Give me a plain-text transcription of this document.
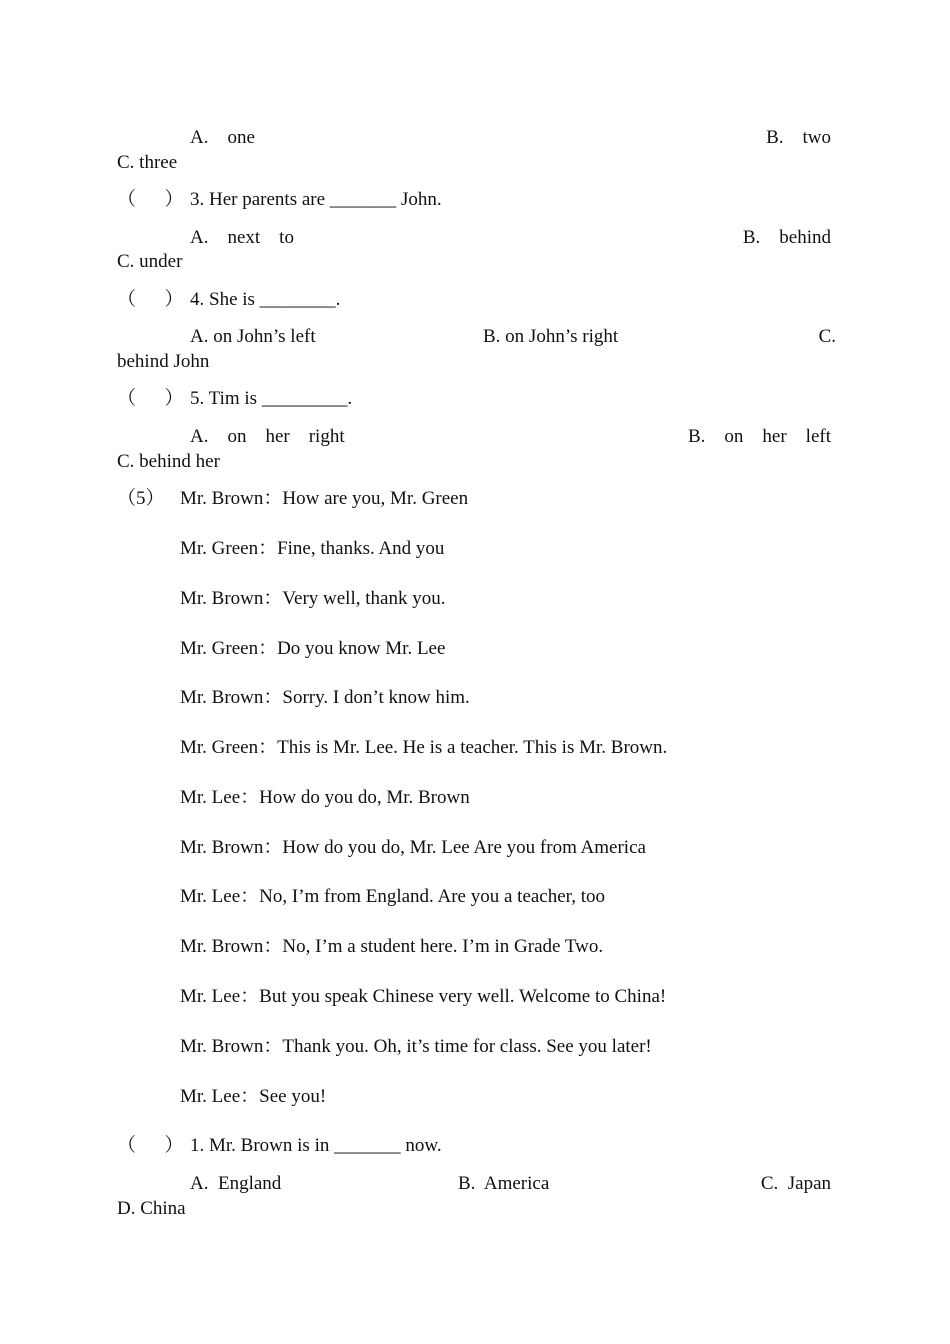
A.    one	B.    two
C. three
（      ） 3. Her parents are _______ John.
A.    next    to	B.    behind
C. under
（      ） 4. She is ________.
A. on John’s left	B. on John’s right	C.
behind John
（      ） 5. Tim is _________.
A.    on    her    right	B.    on    her    left
C. behind her
（5） Mr. Brown：How are you, Mr. Green
Mr. Green：Fine, thanks. And you
Mr. Brown：Very well, thank you.
Mr. Green：Do you know Mr. Lee
Mr. Brown：Sorry. I don’t know him.
Mr. Green：This is Mr. Lee. He is a teacher. This is Mr. Brown.
Mr. Lee：How do you do, Mr. Brown
Mr. Brown：How do you do, Mr. Lee Are you from America
Mr. Lee：No, I’m from England. Are you a teacher, too
Mr. Brown：No, I’m a student here. I’m in Grade Two.
Mr. Lee：But you speak Chinese very well. Welcome to China!
Mr. Brown：Thank you. Oh, it’s time for class. See you later!
Mr. Lee：See you!
（      ） 1. Mr. Brown is in _______ now.
A.  England	B.  America	C.  Japan
D. China
